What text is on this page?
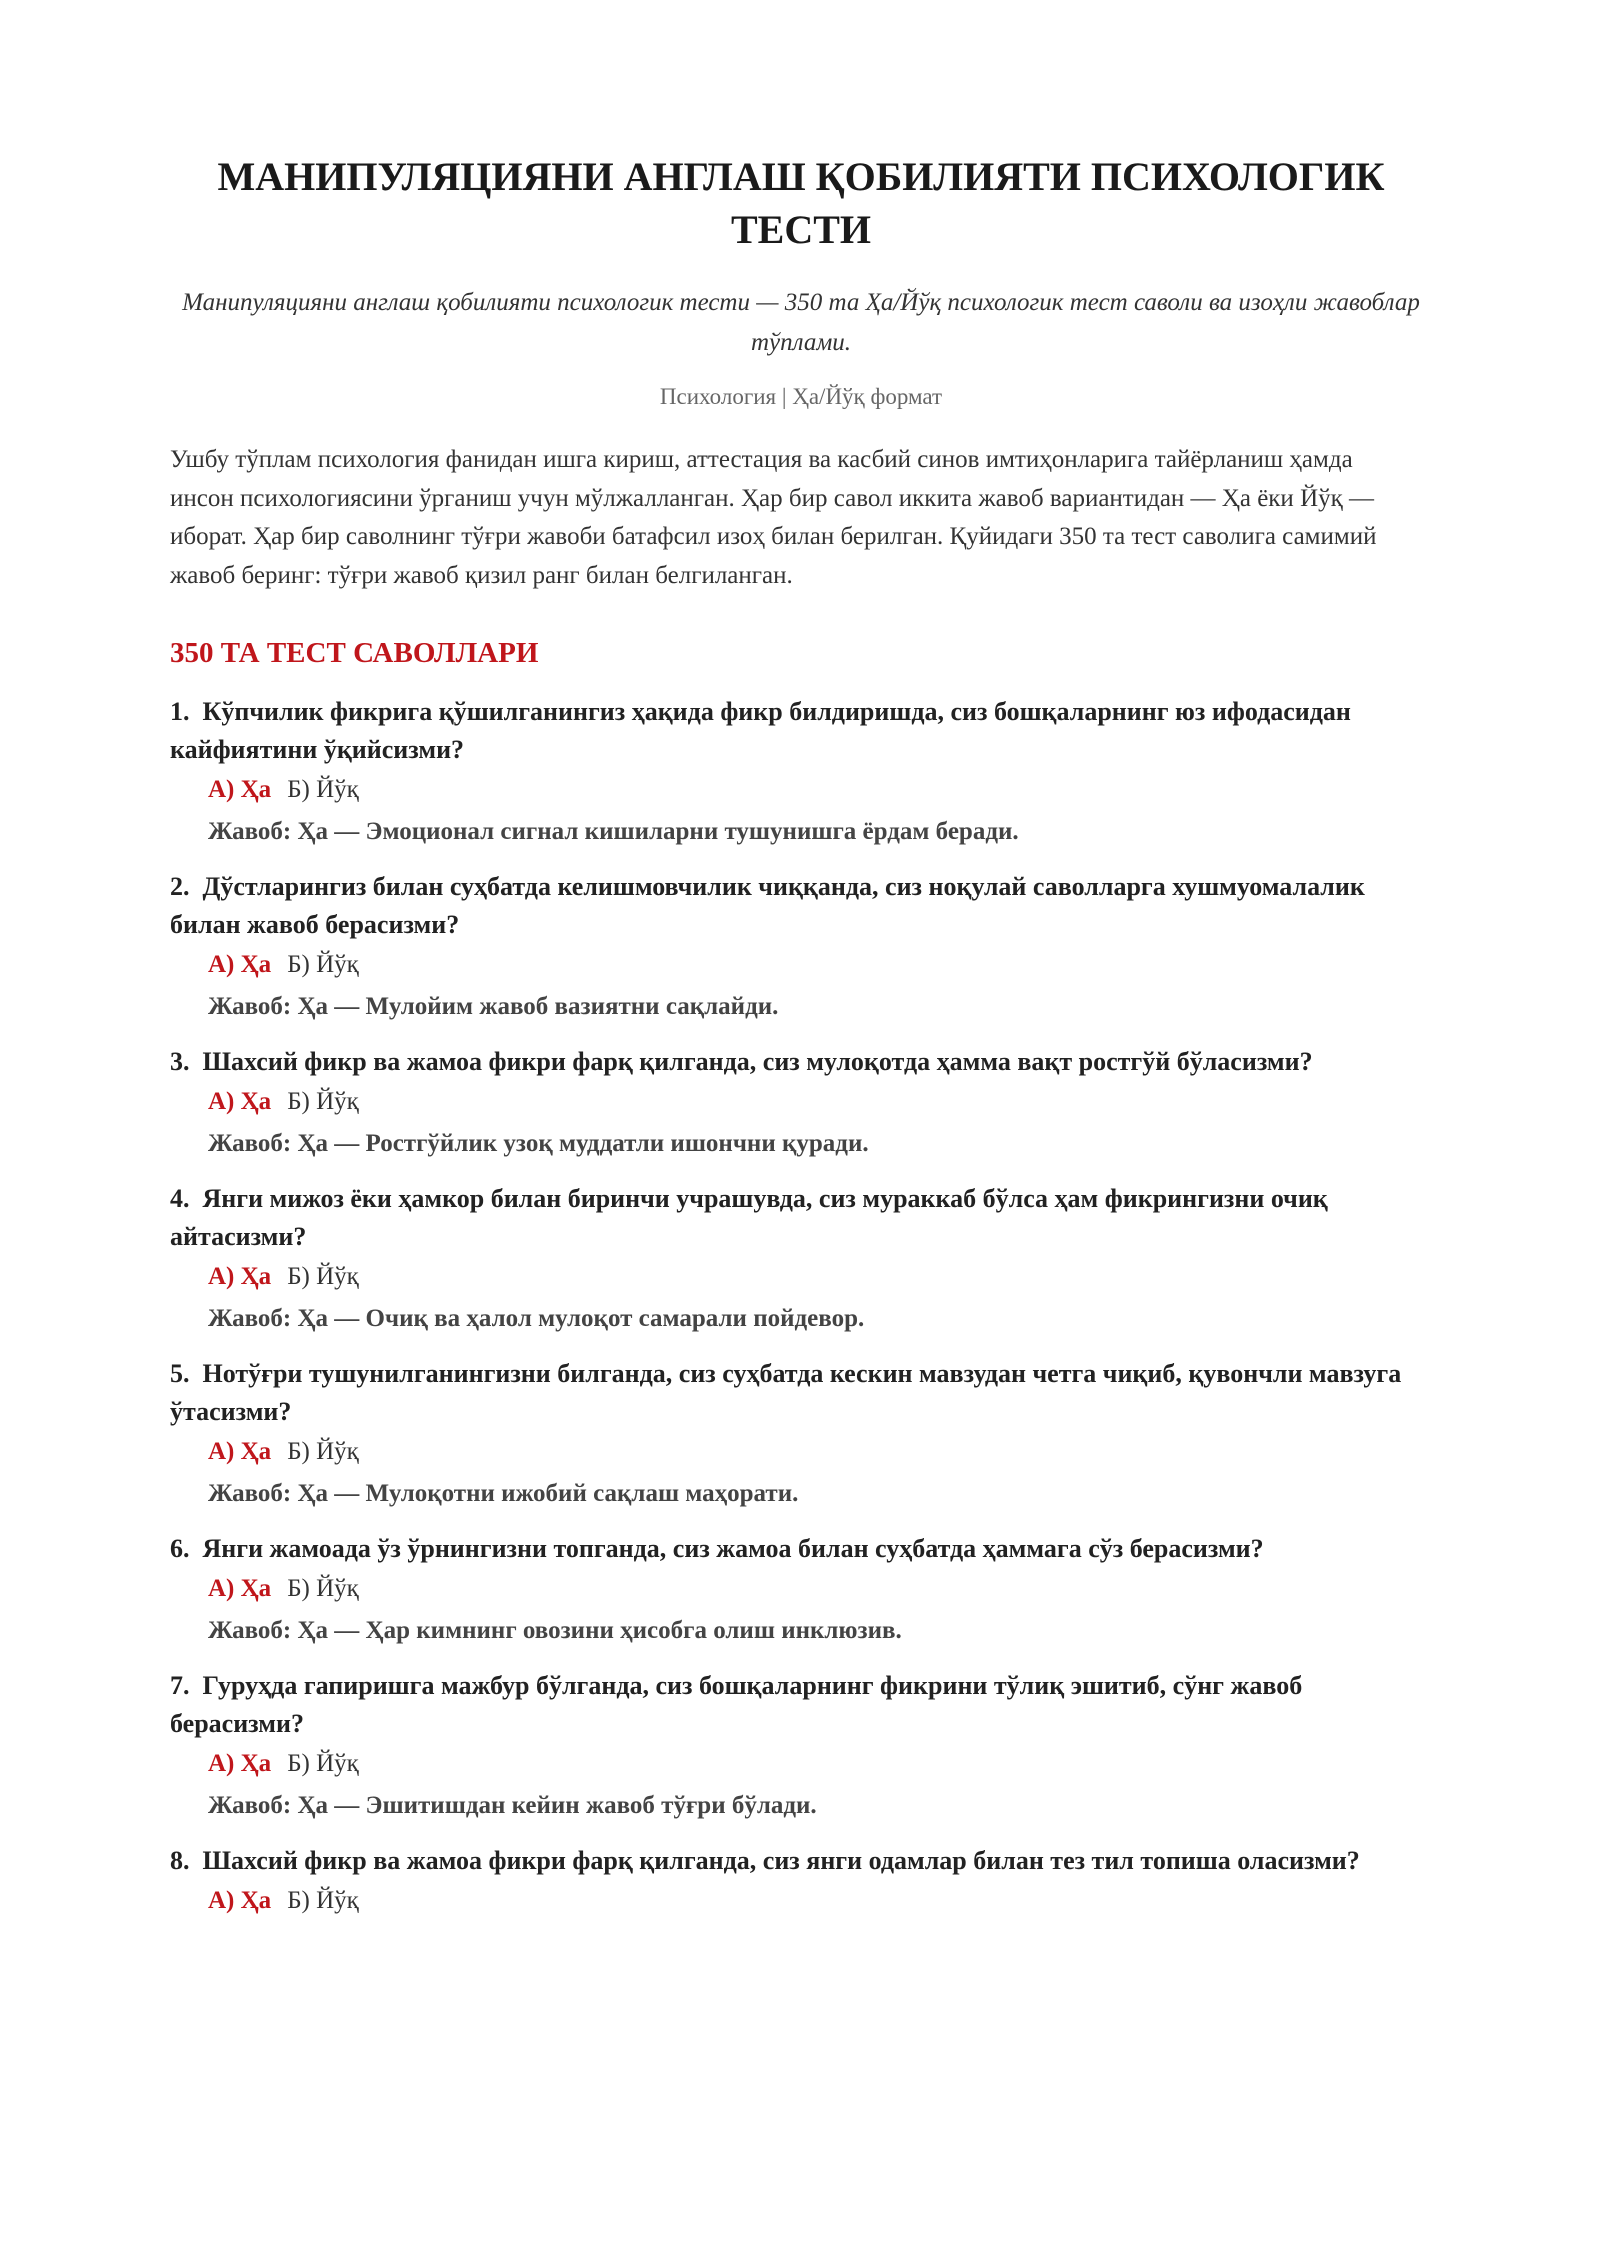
МАНИПУЛЯЦИЯНИ АНГЛАШ ҚОБИЛИЯТИ ПСИХОЛОГИК ТЕСТИ
Манипуляцияни англаш қобилияти психологик тести — 350 та Ҳа/Йўқ психологик тест саволи ва изоҳли жавоблар тўплами.
Психология | Ҳа/Йўқ формат
Ушбу тўплам психология фанидан ишга кириш, аттестация ва касбий синов имтиҳонларига тайёрланиш ҳамда инсон психологиясини ўрганиш учун мўлжалланган. Ҳар бир савол иккита жавоб вариантидан — Ҳа ёки Йўқ — иборат. Ҳар бир саволнинг тўғри жавоби батафсил изоҳ билан берилган. Қуйидаги 350 та тест саволига самимий жавоб беринг: тўғри жавоб қизил ранг билан белгиланган.
350 ТА ТЕСТ САВОЛЛАРИ
1. Кўпчилик фикрига қўшилганингиз ҳақида фикр билдиришда, сиз бошқаларнинг юз ифодасидан кайфиятини ўқийсизми?
А) Ҳа Б) Йўқ
Жавоб: Ҳа — Эмоционал сигнал кишиларни тушунишга ёрдам беради.
2. Дўстларингиз билан суҳбатда келишмовчилик чиққанда, сиз ноқулай саволларга хушмуомалалик билан жавоб берасизми?
А) Ҳа Б) Йўқ
Жавоб: Ҳа — Мулойим жавоб вазиятни сақлайди.
3. Шахсий фикр ва жамоа фикри фарқ қилганда, сиз мулоқотда ҳамма вақт ростгўй бўласизми?
А) Ҳа Б) Йўқ
Жавоб: Ҳа — Ростгўйлик узоқ муддатли ишончни қуради.
4. Янги мижоз ёки ҳамкор билан биринчи учрашувда, сиз мураккаб бўлса ҳам фикрингизни очиқ айтасизми?
А) Ҳа Б) Йўқ
Жавоб: Ҳа — Очиқ ва ҳалол мулоқот самарали пойдевор.
5. Нотўғри тушунилганингизни билганда, сиз суҳбатда кескин мавзудан четга чиқиб, қувончли мавзуга ўтасизми?
А) Ҳа Б) Йўқ
Жавоб: Ҳа — Мулоқотни ижобий сақлаш маҳорати.
6. Янги жамоада ўз ўрнингизни топганда, сиз жамоа билан суҳбатда ҳаммага сўз берасизми?
А) Ҳа Б) Йўқ
Жавоб: Ҳа — Ҳар кимнинг овозини ҳисобга олиш инклюзив.
7. Гуруҳда гапиришга мажбур бўлганда, сиз бошқаларнинг фикрини тўлиқ эшитиб, сўнг жавоб берасизми?
А) Ҳа Б) Йўқ
Жавоб: Ҳа — Эшитишдан кейин жавоб тўғри бўлади.
8. Шахсий фикр ва жамоа фикри фарқ қилганда, сиз янги одамлар билан тез тил топиша оласизми?
А) Ҳа Б) Йўқ
